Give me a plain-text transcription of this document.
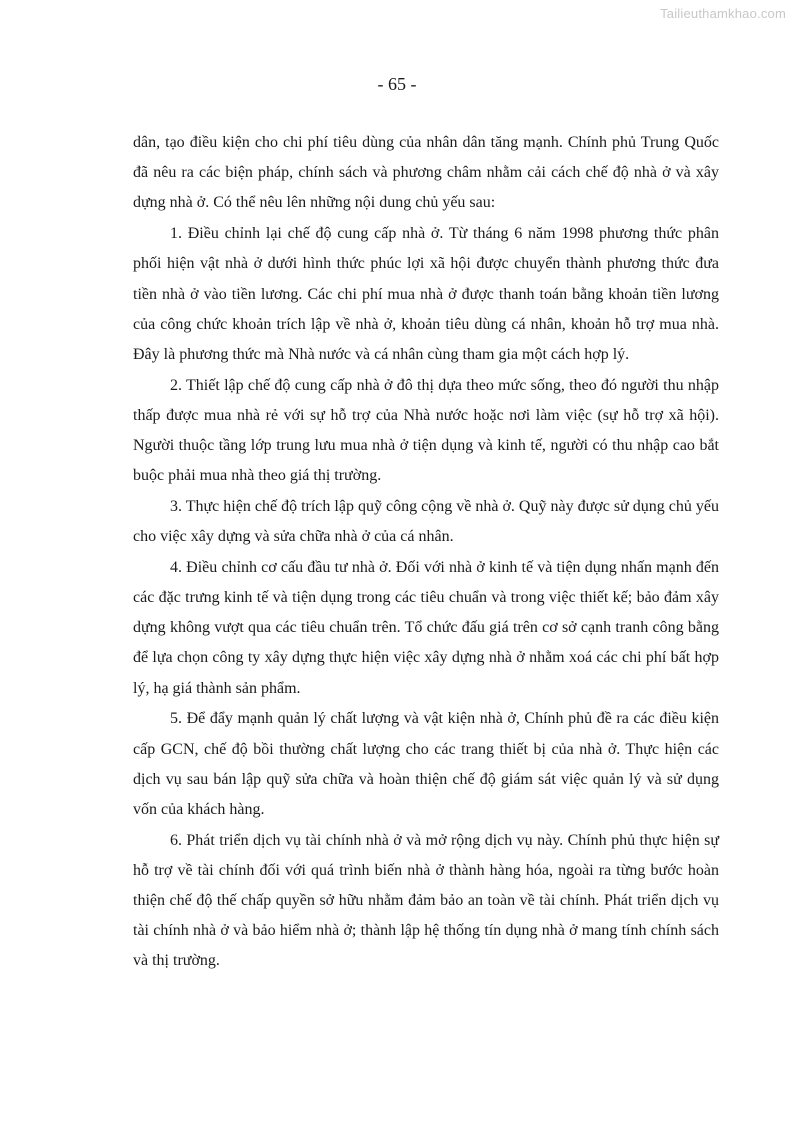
Tailieuthamkhao.com
- 65 -

dân, tạo điều kiện cho chi phí tiêu dùng của nhân dân tăng mạnh. Chính phủ Trung Quốc đã nêu ra các biện pháp, chính sách và phương châm nhằm cải cách chế độ nhà ở và xây dựng nhà ở. Có thể nêu lên những nội dung chủ yếu sau:

1. Điều chỉnh lại chế độ cung cấp nhà ở. Từ tháng 6 năm 1998 phương thức phân phối hiện vật nhà ở dưới hình thức phúc lợi xã hội được chuyển thành phương thức đưa tiền nhà ở vào tiền lương. Các chi phí mua nhà ở được thanh toán bằng khoản tiền lương của công chức khoản trích lập về nhà ở, khoản tiêu dùng cá nhân, khoản hỗ trợ mua nhà. Đây là phương thức mà Nhà nước và cá nhân cùng tham gia một cách hợp lý.

2. Thiết lập chế độ cung cấp nhà ở đô thị dựa theo mức sống, theo đó người thu nhập thấp được mua nhà rẻ với sự hỗ trợ của Nhà nước hoặc nơi làm việc (sự hỗ trợ xã hội). Người thuộc tầng lớp trung lưu mua nhà ở tiện dụng và kinh tế, người có thu nhập cao bắt buộc phải mua nhà theo giá thị trường.

3. Thực hiện chế độ trích lập quỹ công cộng về nhà ở. Quỹ này được sử dụng chủ yếu cho việc xây dựng và sửa chữa nhà ở của cá nhân.

4. Điều chỉnh cơ cấu đầu tư nhà ở. Đối với nhà ở kinh tế và tiện dụng nhấn mạnh đến các đặc trưng kinh tế và tiện dụng trong các tiêu chuẩn và trong việc thiết kế; bảo đảm xây dựng không vượt qua các tiêu chuẩn trên. Tổ chức đấu giá trên cơ sở cạnh tranh công bằng để lựa chọn công ty xây dựng thực hiện việc xây dựng nhà ở nhằm xoá các chi phí bất hợp lý, hạ giá thành sản phẩm.

5. Để đẩy mạnh quản lý chất lượng và vật kiện nhà ở, Chính phủ đề ra các điều kiện cấp GCN, chế độ bồi thường chất lượng cho các trang thiết bị của nhà ở. Thực hiện các dịch vụ sau bán lập quỹ sửa chữa và hoàn thiện chế độ giám sát việc quản lý và sử dụng vốn của khách hàng.

6. Phát triển dịch vụ tài chính nhà ở và mở rộng dịch vụ này. Chính phủ thực hiện sự hỗ trợ về tài chính đối với quá trình biến nhà ở thành hàng hóa, ngoài ra từng bước hoàn thiện chế độ thế chấp quyền sở hữu nhằm đảm bảo an toàn về tài chính. Phát triển dịch vụ tài chính nhà ở và bảo hiểm nhà ở; thành lập hệ thống tín dụng nhà ở mang tính chính sách và thị trường.
